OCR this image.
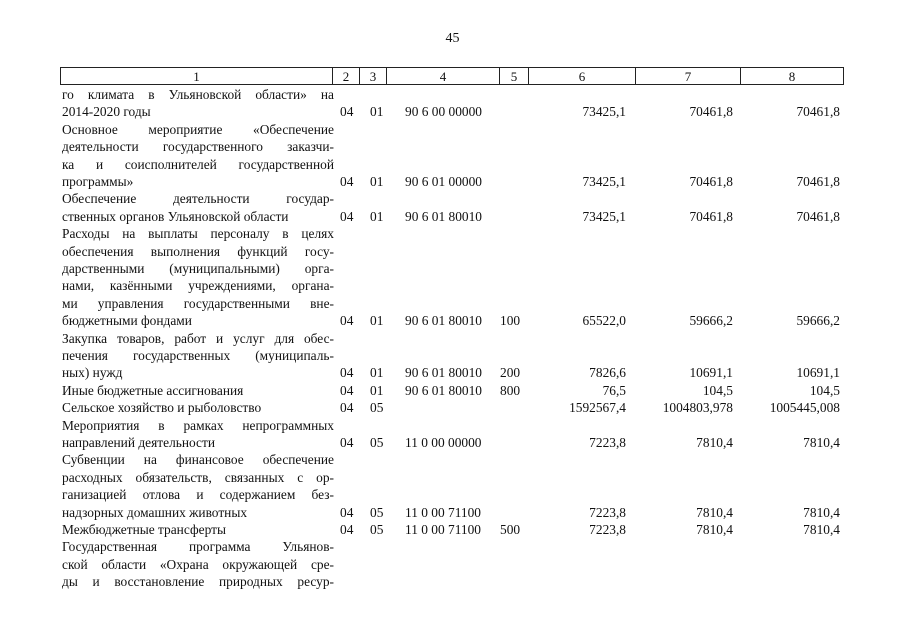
45
1	2	3	4	5	6	7	8
го климата в Ульяновской области» на
2014-2020 годы	04 01 90 6 00 00000	73425,1	70461,8	70461,8
Основное мероприятие «Обеспечение
деятельности государственного заказчи-
ка и соисполнителей государственной
программы»	04 01 90 6 01 00000	73425,1	70461,8	70461,8
Обеспечение деятельности государ-
ственных органов Ульяновской области	04 01 90 6 01 80010	73425,1	70461,8	70461,8
Расходы на выплаты персоналу в целях
обеспечения выполнения функций госу-
дарственными (муниципальными) орга-
нами, казёнными учреждениями, органа-
ми управления государственными вне-
бюджетными фондами	04 01 90 6 01 80010 100	65522,0	59666,2	59666,2
Закупка товаров, работ и услуг для обес-
печения государственных (муниципаль-
ных) нужд	04 01 90 6 01 80010 200	7826,6	10691,1	10691,1
Иные бюджетные ассигнования	04 01 90 6 01 80010 800	76,5	104,5	104,5
Сельское хозяйство и рыболовство	04 05	1592567,4	1004803,978	1005445,008
Мероприятия в рамках непрограммных
направлений деятельности	04 05 11 0 00 00000	7223,8	7810,4	7810,4
Субвенции на финансовое обеспечение
расходных обязательств, связанных с ор-
ганизацией отлова и содержанием без-
надзорных домашних животных	04 05 11 0 00 71100	7223,8	7810,4	7810,4
Межбюджетные трансферты	04 05 11 0 00 71100 500	7223,8	7810,4	7810,4
Государственная программа Ульянов-
ской области «Охрана окружающей сре-
ды и восстановление природных ресур-
